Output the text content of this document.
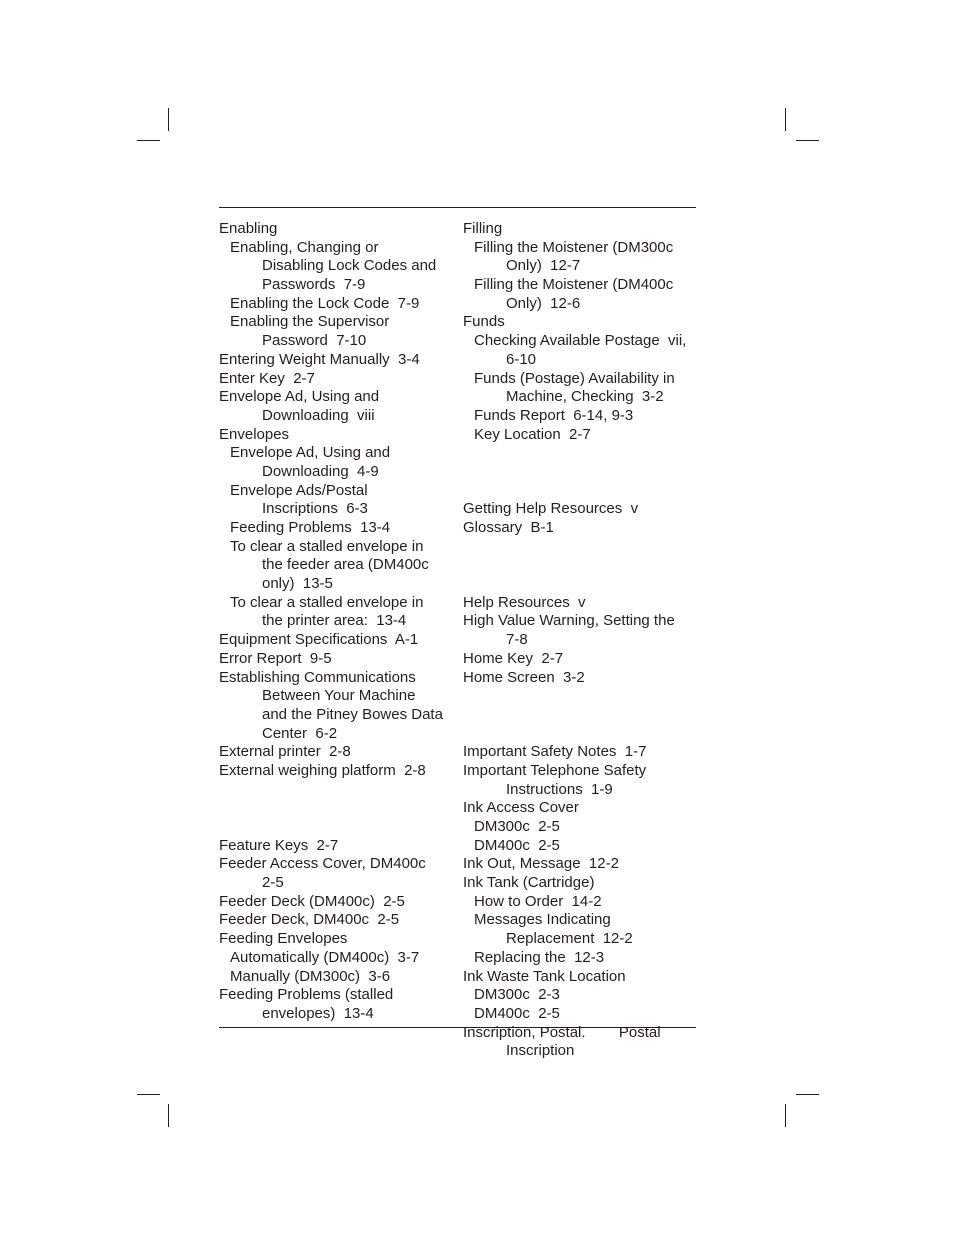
Enabling
Enabling, Changing or
Disabling Lock Codes and
Passwords  7-9
Enabling the Lock Code  7-9
Enabling the Supervisor
Password  7-10
Entering Weight Manually  3-4
Enter Key  2-7
Envelope Ad, Using and
Downloading  viii
Envelopes
Envelope Ad, Using and
Downloading  4-9
Envelope Ads/Postal
Inscriptions  6-3
Feeding Problems  13-4
To clear a stalled envelope in
the feeder area (DM400c
only)  13-5
To clear a stalled envelope in
the printer area:  13-4
Equipment Specifications  A-1
Error Report  9-5
Establishing Communications
Between Your Machine
and the Pitney Bowes Data
Center  6-2
External printer  2-8
External weighing platform  2-8
Feature Keys  2-7
Feeder Access Cover, DM400c
2-5
Feeder Deck (DM400c)  2-5
Feeder Deck, DM400c  2-5
Feeding Envelopes
Automatically (DM400c)  3-7
Manually (DM300c)  3-6
Feeding Problems (stalled
envelopes)  13-4
Filling
Filling the Moistener (DM300c
Only)  12-7
Filling the Moistener (DM400c
Only)  12-6
Funds
Checking Available Postage  vii,
6-10
Funds (Postage) Availability in
Machine, Checking  3-2
Funds Report  6-14, 9-3
Key Location  2-7
Getting Help Resources  v
Glossary  B-1
Help Resources  v
High Value Warning, Setting the
7-8
Home Key  2-7
Home Screen  3-2
Important Safety Notes  1-7
Important Telephone Safety
Instructions  1-9
Ink Access Cover
DM300c  2-5
DM400c  2-5
Ink Out, Message  12-2
Ink Tank (Cartridge)
How to Order  14-2
Messages Indicating
Replacement  12-2
Replacing the  12-3
Ink Waste Tank Location
DM300c  2-3
DM400c  2-5
Inscription, Postal.        Postal
Inscription
